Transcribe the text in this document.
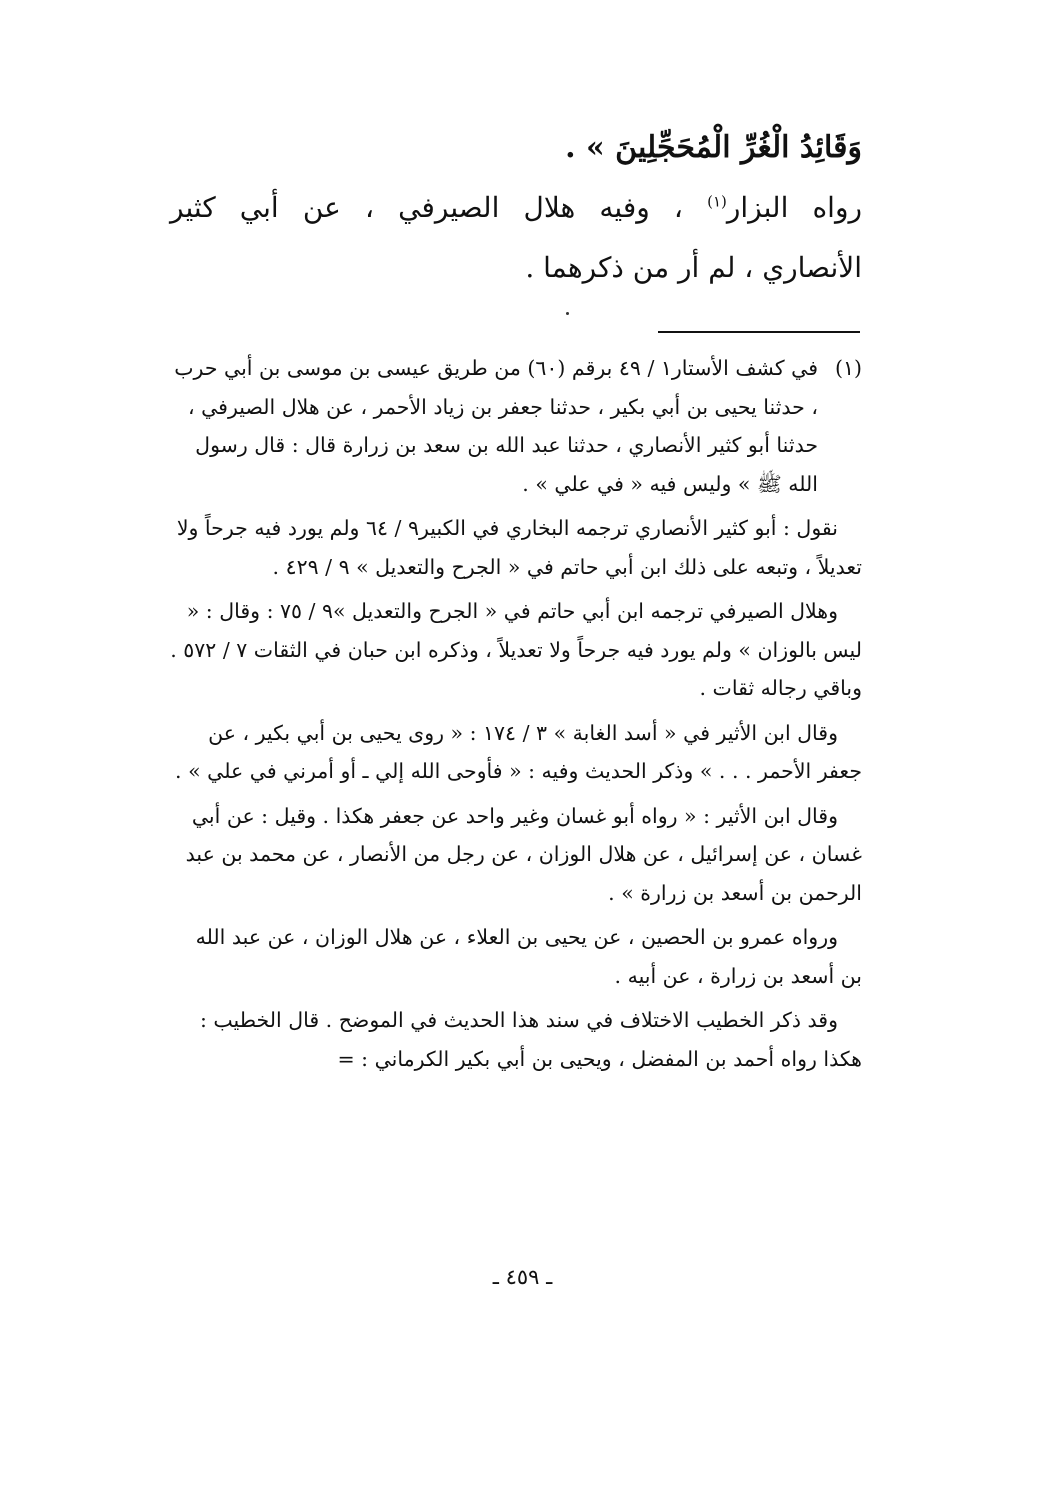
وَقَائِدُ الْغُرِّ الْمُحَجِّلِينَ » .

رواه البزار$^{(١)}$ ، وفيه هلال الصيرفي ، عن أبي كثير

الأنصاري ، لم أر من ذكرهما .

(١)
في كشف الأستار١ / ٤٩ برقم (٦٠) من طريق عيسى بن موسى بن أبي حرب ، حدثنا يحيى بن أبي بكير ، حدثنا جعفر بن زياد الأحمر ، عن هلال الصيرفي ، حدثنا أبو كثير الأنصاري ، حدثنا عبد الله بن سعد بن زرارة قال : قال رسول الله ﷺ » وليس فيه « في علي » .

نقول : أبو كثير الأنصاري ترجمه البخاري في الكبير٩ / ٦٤ ولم يورد فيه جرحاً ولا تعديلاً ، وتبعه على ذلك ابن أبي حاتم في « الجرح والتعديل » ٩ / ٤٢٩ .

وهلال الصيرفي ترجمه ابن أبي حاتم في « الجرح والتعديل »٩ / ٧٥ : وقال : « ليس بالوزان » ولم يورد فيه جرحاً ولا تعديلاً ، وذكره ابن حبان في الثقات ٧ / ٥٧٢ . وباقي رجاله ثقات .

وقال ابن الأثير في « أسد الغابة » ٣ / ١٧٤ : « روى يحيى بن أبي بكير ، عن جعفر الأحمر . . . » وذكر الحديث وفيه : « فأوحى الله إلي ـ أو أمرني في علي » .

وقال ابن الأثير : « رواه أبو غسان وغير واحد عن جعفر هكذا . وقيل : عن أبي غسان ، عن إسرائيل ، عن هلال الوزان ، عن رجل من الأنصار ، عن محمد بن عبد الرحمن بن أسعد بن زرارة » .

ورواه عمرو بن الحصين ، عن يحيى بن العلاء ، عن هلال الوزان ، عن عبد الله بن أسعد بن زرارة ، عن أبيه .

وقد ذكر الخطيب الاختلاف في سند هذا الحديث في الموضح . قال الخطيب : هكذا رواه أحمد بن المفضل ، ويحيى بن أبي بكير الكرماني : =

ـ ٤٥٩ ـ
